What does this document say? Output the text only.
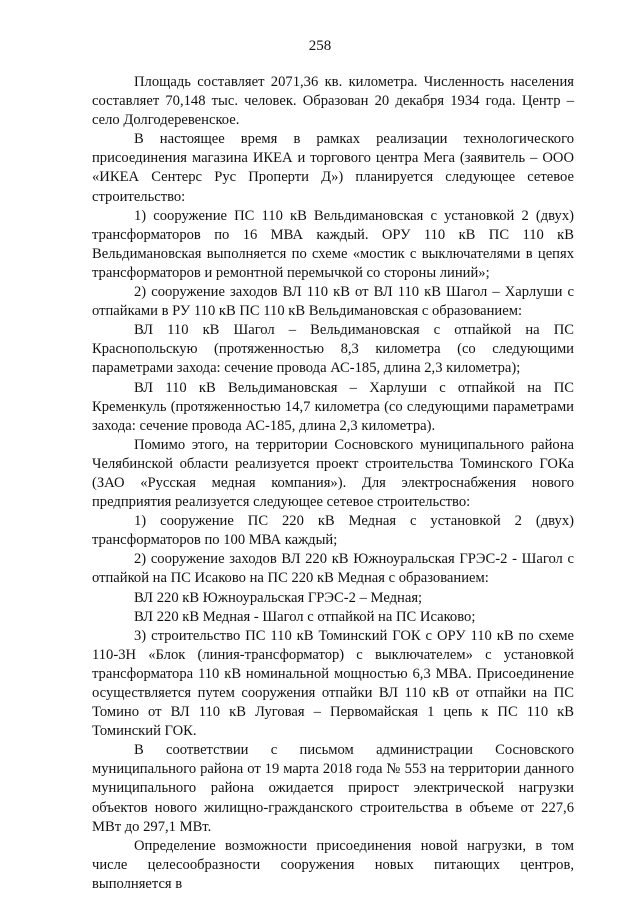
258

Площадь составляет 2071,36 кв. километра. Численность населения составляет 70,148 тыс. человек. Образован 20 декабря 1934 года. Центр – село Долгодеревенское.

В настоящее время в рамках реализации технологического присоединения магазина ИКЕА и торгового центра Мега (заявитель – ООО «ИКЕА Сентерс Рус Проперти Д») планируется следующее сетевое строительство:

1) сооружение ПС 110 кВ Вельдимановская с установкой 2 (двух) трансформаторов по 16 МВА каждый. ОРУ 110 кВ ПС 110 кВ Вельдимановская выполняется по схеме «мостик с выключателями в цепях трансформаторов и ремонтной перемычкой со стороны линий»;

2) сооружение заходов ВЛ 110 кВ от ВЛ 110 кВ Шагол – Харлуши с отпайками в РУ 110 кВ ПС 110 кВ Вельдимановская с образованием:

ВЛ 110 кВ Шагол – Вельдимановская с отпайкой на ПС Краснопольскую (протяженностью 8,3 километра (со следующими параметрами захода: сечение провода АС-185, длина 2,3 километра);

ВЛ 110 кВ Вельдимановская – Харлуши с отпайкой на ПС Кременкуль (протяженностью 14,7 километра (со следующими параметрами захода: сечение провода АС-185, длина 2,3 километра).

Помимо этого, на территории Сосновского муниципального района Челябинской области реализуется проект строительства Томинского ГОКа (ЗАО «Русская медная компания»). Для электроснабжения нового предприятия реализуется следующее сетевое строительство:

1) сооружение ПС 220 кВ Медная с установкой 2 (двух) трансформаторов по 100 МВА каждый;

2) сооружение заходов ВЛ 220 кВ Южноуральская ГРЭС-2 - Шагол с отпайкой на ПС Исаково на ПС 220 кВ Медная с образованием:

ВЛ 220 кВ Южноуральская ГРЭС-2 – Медная;

ВЛ 220 кВ Медная - Шагол с отпайкой на ПС Исаково;

3) строительство ПС 110 кВ Томинский ГОК с ОРУ 110 кВ по схеме 110-3Н «Блок (линия-трансформатор) с выключателем» с установкой трансформатора 110 кВ номинальной мощностью 6,3 МВА. Присоединение осуществляется путем сооружения отпайки ВЛ 110 кВ от отпайки на ПС Томино от ВЛ 110 кВ Луговая – Первомайская 1 цепь к ПС 110 кВ Томинский ГОК.

В соответствии с письмом администрации Сосновского муниципального района от 19 марта 2018 года № 553 на территории данного муниципального района ожидается прирост электрической нагрузки объектов нового жилищно-гражданского строительства в объеме от 227,6 МВт до 297,1 МВт.

Определение возможности присоединения новой нагрузки, в том числе целесообразности сооружения новых питающих центров, выполняется в
